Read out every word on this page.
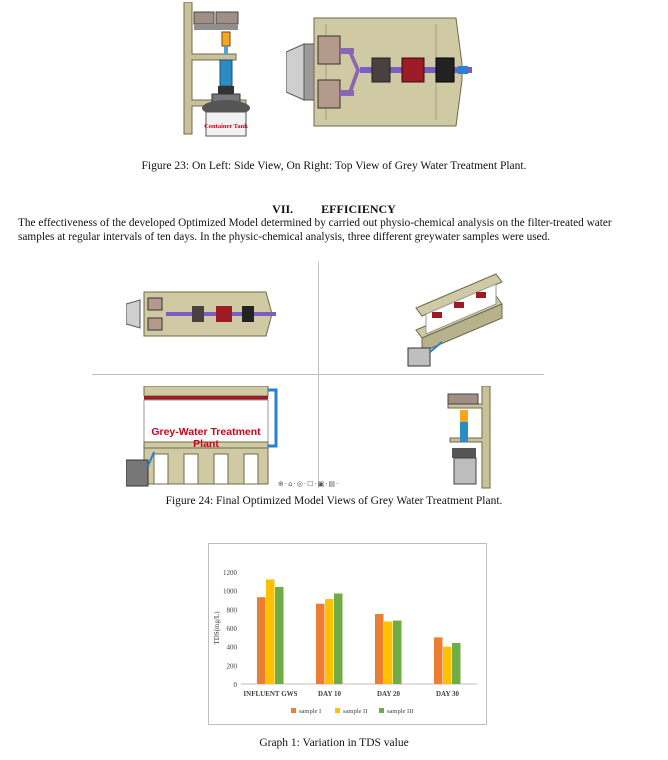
Container Tank
Figure 23: On Left: Side View, On Right: Top View of Grey Water Treatment Plant.
VII. EFFICIENCY
The effectiveness of the developed Optimized Model determined by carried out physio-chemical analysis on the filter-treated water samples at regular intervals of ten days. In the physic-chemical analysis, three different greywater samples were used.
Grey-Water Treatment Plant
⊕·⌂·◎·☐·▣·▤·
Figure 24: Final Optimized Model Views of Grey Water Treatment Plant.
0
200
400
600
800
1000
1200
TDS(mg/L)
INFLUENT GWS	DAY 10	DAY 20	DAY 30
sample I	sample II	sample III
Graph 1: Variation in TDS value
